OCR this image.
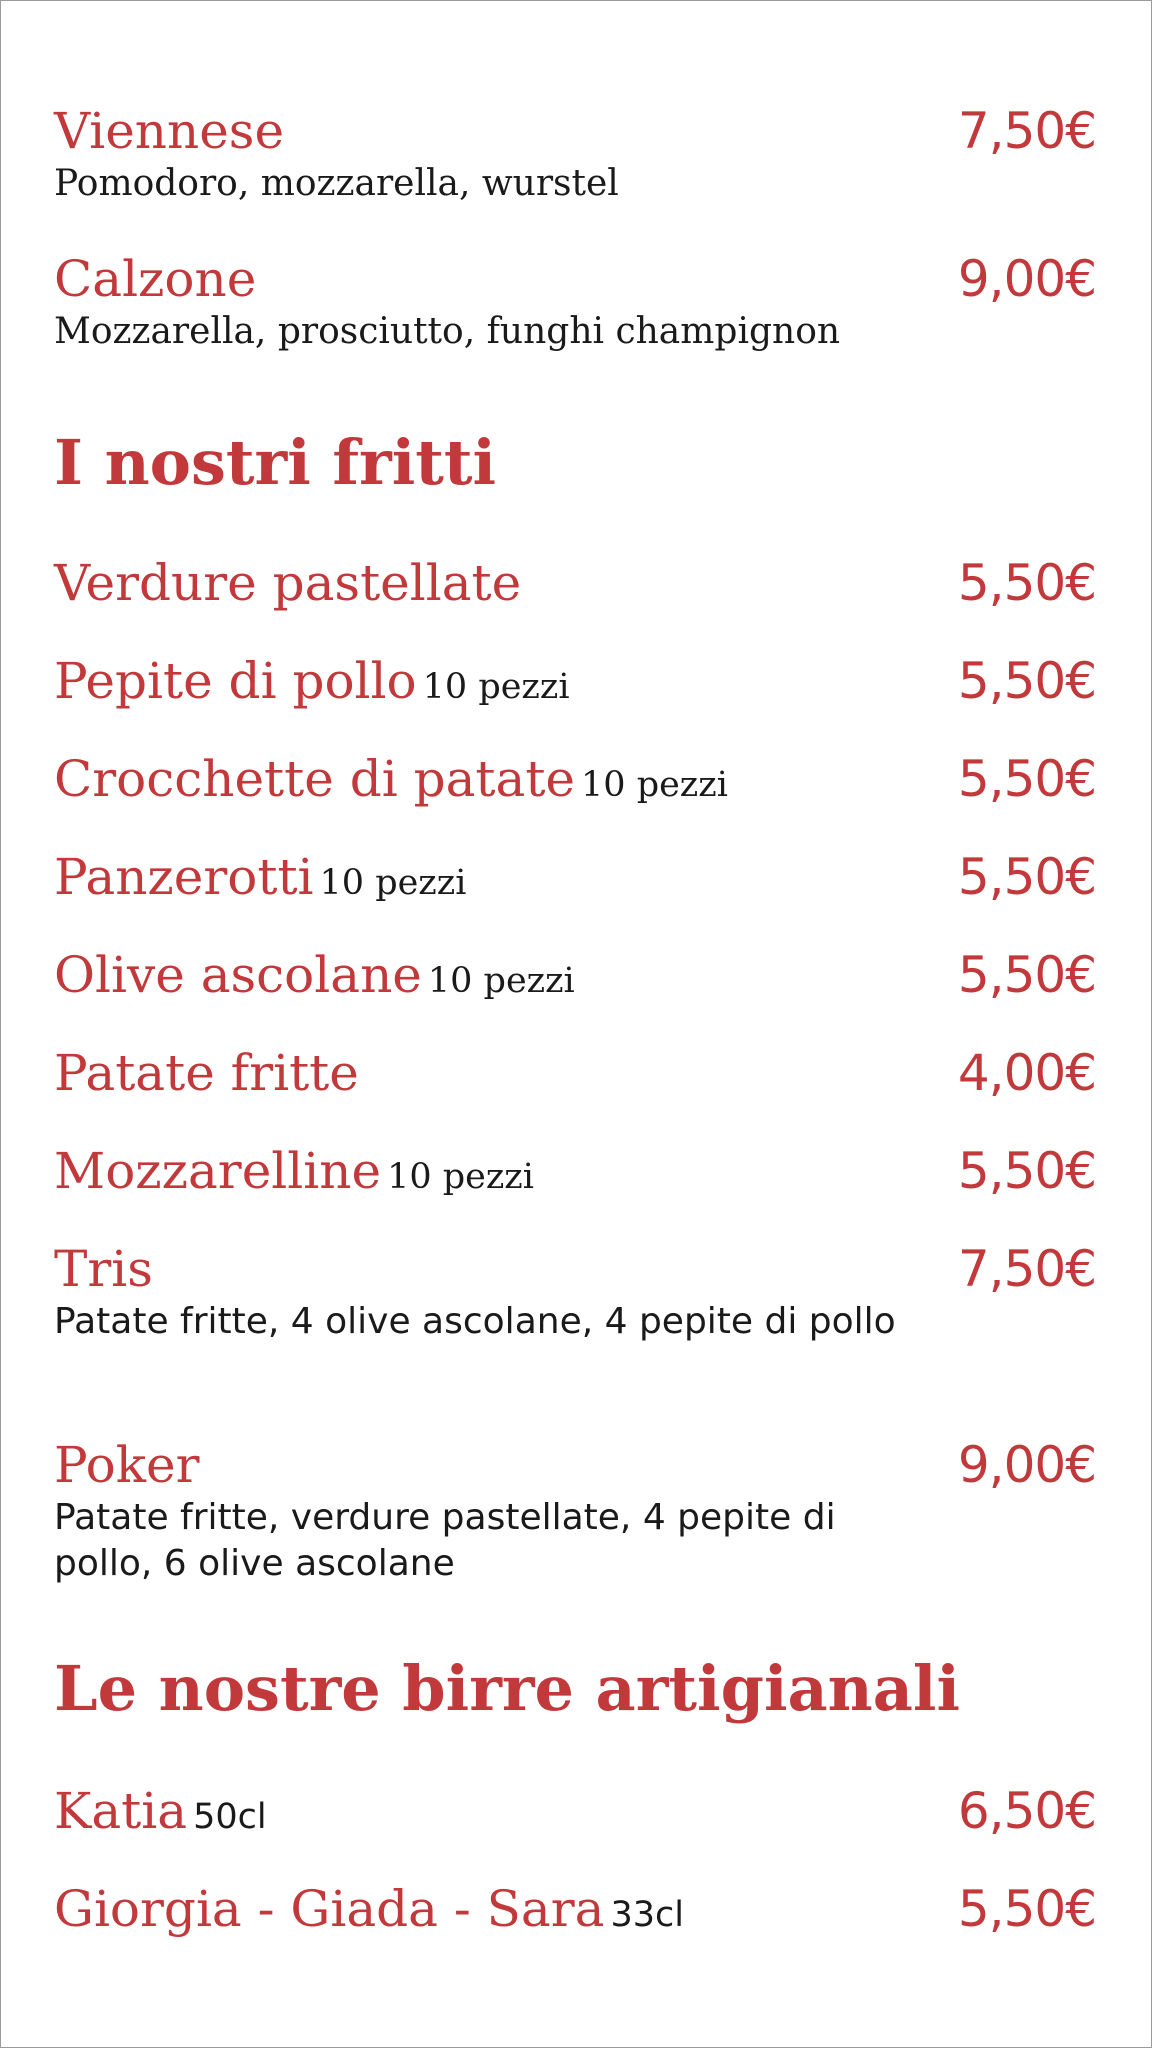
Viennese	7,50€
Pomodoro, mozzarella, wurstel
Calzone	9,00€
Mozzarella, prosciutto, funghi champignon
I nostri fritti
Verdure pastellate	5,50€
Pepite di pollo 10 pezzi	5,50€
Crocchette di patate 10 pezzi	5,50€
Panzerotti 10 pezzi	5,50€
Olive ascolane 10 pezzi	5,50€
Patate fritte	4,00€
Mozzarelline 10 pezzi	5,50€
Tris	7,50€
Patate fritte, 4 olive ascolane, 4 pepite di pollo
Poker	9,00€
Patate fritte, verdure pastellate, 4 pepite di pollo, 6 olive ascolane
Le nostre birre artigianali
Katia 50cl	6,50€
Giorgia - Giada - Sara 33cl	5,50€
